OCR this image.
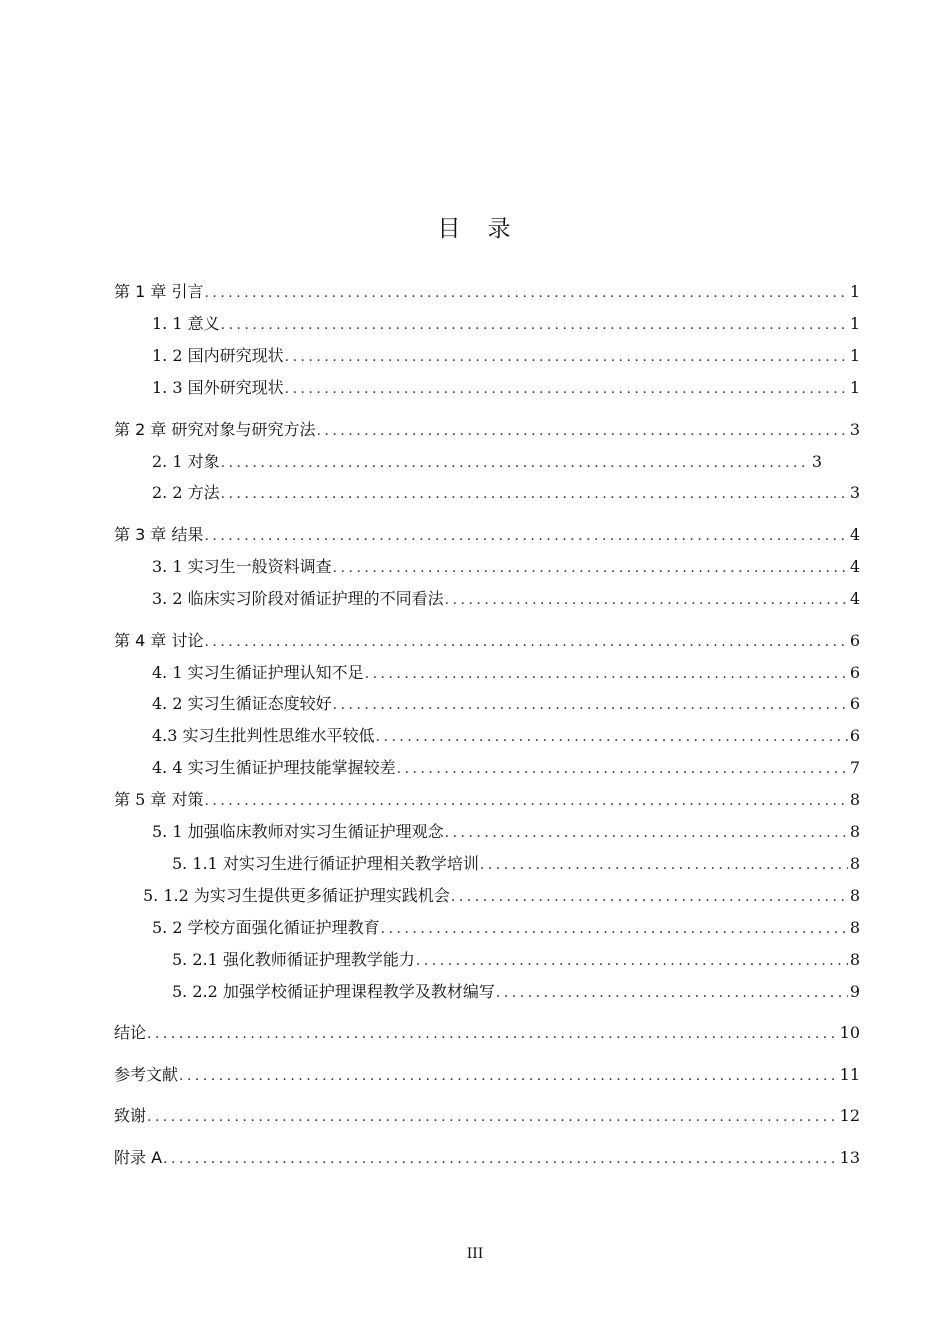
目　录
第 1 章 引言 .....	1
1. 1 意义 .....	1
1. 2 国内研究现状 .....	1
1. 3 国外研究现状 .....	1
第 2 章 研究对象与研究方法 .....	3
2. 1 对象 .....	3
2. 2 方法 .....	3
第 3 章 结果 .....	4
3. 1 实习生一般资料调查 .....	4
3. 2 临床实习阶段对循证护理的不同看法 .....	4
第 4 章 讨论 .....	6
4. 1 实习生循证护理认知不足 .....	6
4. 2 实习生循证态度较好 .....	6
4.3 实习生批判性思维水平较低 .....	6
4. 4 实习生循证护理技能掌握较差 .....	7
第 5 章 对策 .....	8
5. 1 加强临床教师对实习生循证护理观念 .....	8
5. 1.1 对实习生进行循证护理相关教学培训 .....	8
5. 1.2 为实习生提供更多循证护理实践机会 .....	8
5. 2 学校方面强化循证护理教育 .....	8
5. 2.1 强化教师循证护理教学能力 .....	8
5. 2.2 加强学校循证护理课程教学及教材编写 .....	9
结论 .....	10
参考文献 .....	11
致谢 .....	12
附录 A .....	13
III
